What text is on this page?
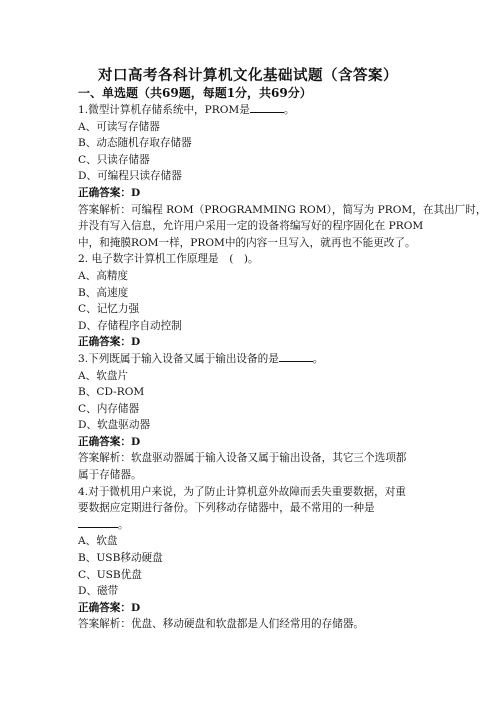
对口高考各科计算机文化基础试题（含答案）
一、单选题（共69题，每题1分，共69分）
1.微型计算机存储系统中，PROM是	。
A、可读写存储器
B、动态随机存取存储器
C、只读存储器
D、可编程只读存储器
正确答案：D
答案解析：可编程 ROM（PROGRAMMING ROM），简写为 PROM，在其出厂时，
并没有写入信息，允许用户采用一定的设备将编写好的程序固化在 PROM
中，和掩膜ROM一样，PROM中的内容一旦写入，就再也不能更改了。
2. 电子数字计算机工作原理是　(　)。
A、高精度
B、高速度
C、记忆力强
D、存储程序自动控制
正确答案：D
3.下列既属于输入设备又属于输出设备的是	。
A、软盘片
B、CD-ROM
C、内存储器
D、软盘驱动器
正确答案：D
答案解析：软盘驱动器属于输入设备又属于输出设备，其它三个选项都
属于存储器。
4.对于微机用户来说，为了防止计算机意外故障而丢失重要数据，对重
要数据应定期进行备份。下列移动存储器中，最不常用的一种是
。
A、软盘
B、USB移动硬盘
C、USB优盘
D、磁带
正确答案：D
答案解析：优盘、移动硬盘和软盘都是人们经常用的存储器。
